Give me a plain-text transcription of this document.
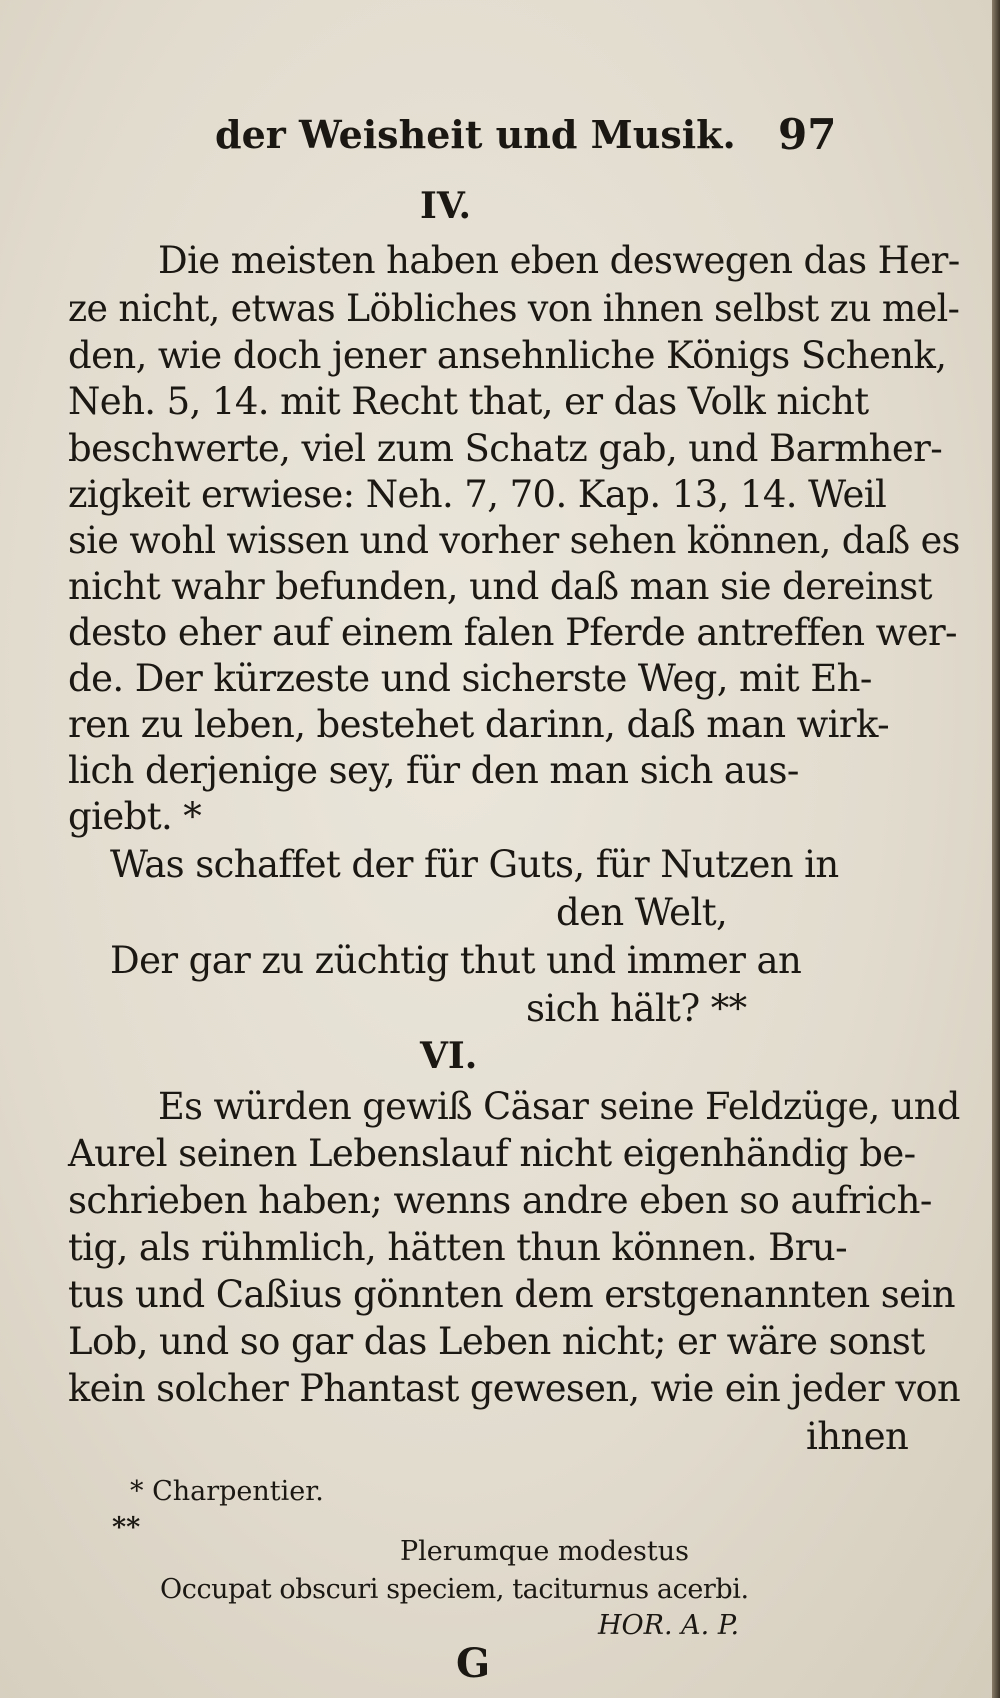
der Weisheit und Musik. 97
IV.
Die meisten haben eben deswegen das Her-
ze nicht, etwas Löbliches von ihnen selbst zu mel-
den, wie doch jener ansehnliche Königs Schenk,
Neh. 5, 14. mit Recht that, er das Volk nicht
beschwerte, viel zum Schatz gab, und Barmher-
zigkeit erwiese: Neh. 7, 70. Kap. 13, 14. Weil
sie wohl wissen und vorher sehen können, daß es
nicht wahr befunden, und daß man sie dereinst
desto eher auf einem falen Pferde antreffen wer-
de. Der kürzeste und sicherste Weg, mit Eh-
ren zu leben, bestehet darinn, daß man wirk-
lich derjenige sey, für den man sich aus-
giebt. *
Was schaffet der für Guts, für Nutzen in
den Welt,
Der gar zu züchtig thut und immer an
sich hält? **
VI.
Es würden gewiß Cäsar seine Feldzüge, und
Aurel seinen Lebenslauf nicht eigenhändig be-
schrieben haben; wenns andre eben so aufrich-
tig, als rühmlich, hätten thun können. Bru-
tus und Caßius gönnten dem erstgenannten sein
Lob, und so gar das Leben nicht; er wäre sonst
kein solcher Phantast gewesen, wie ein jeder von
ihnen
* Charpentier.
**
Plerumque modestus
Occupat obscuri speciem, taciturnus acerbi.
HOR. A. P.
G
